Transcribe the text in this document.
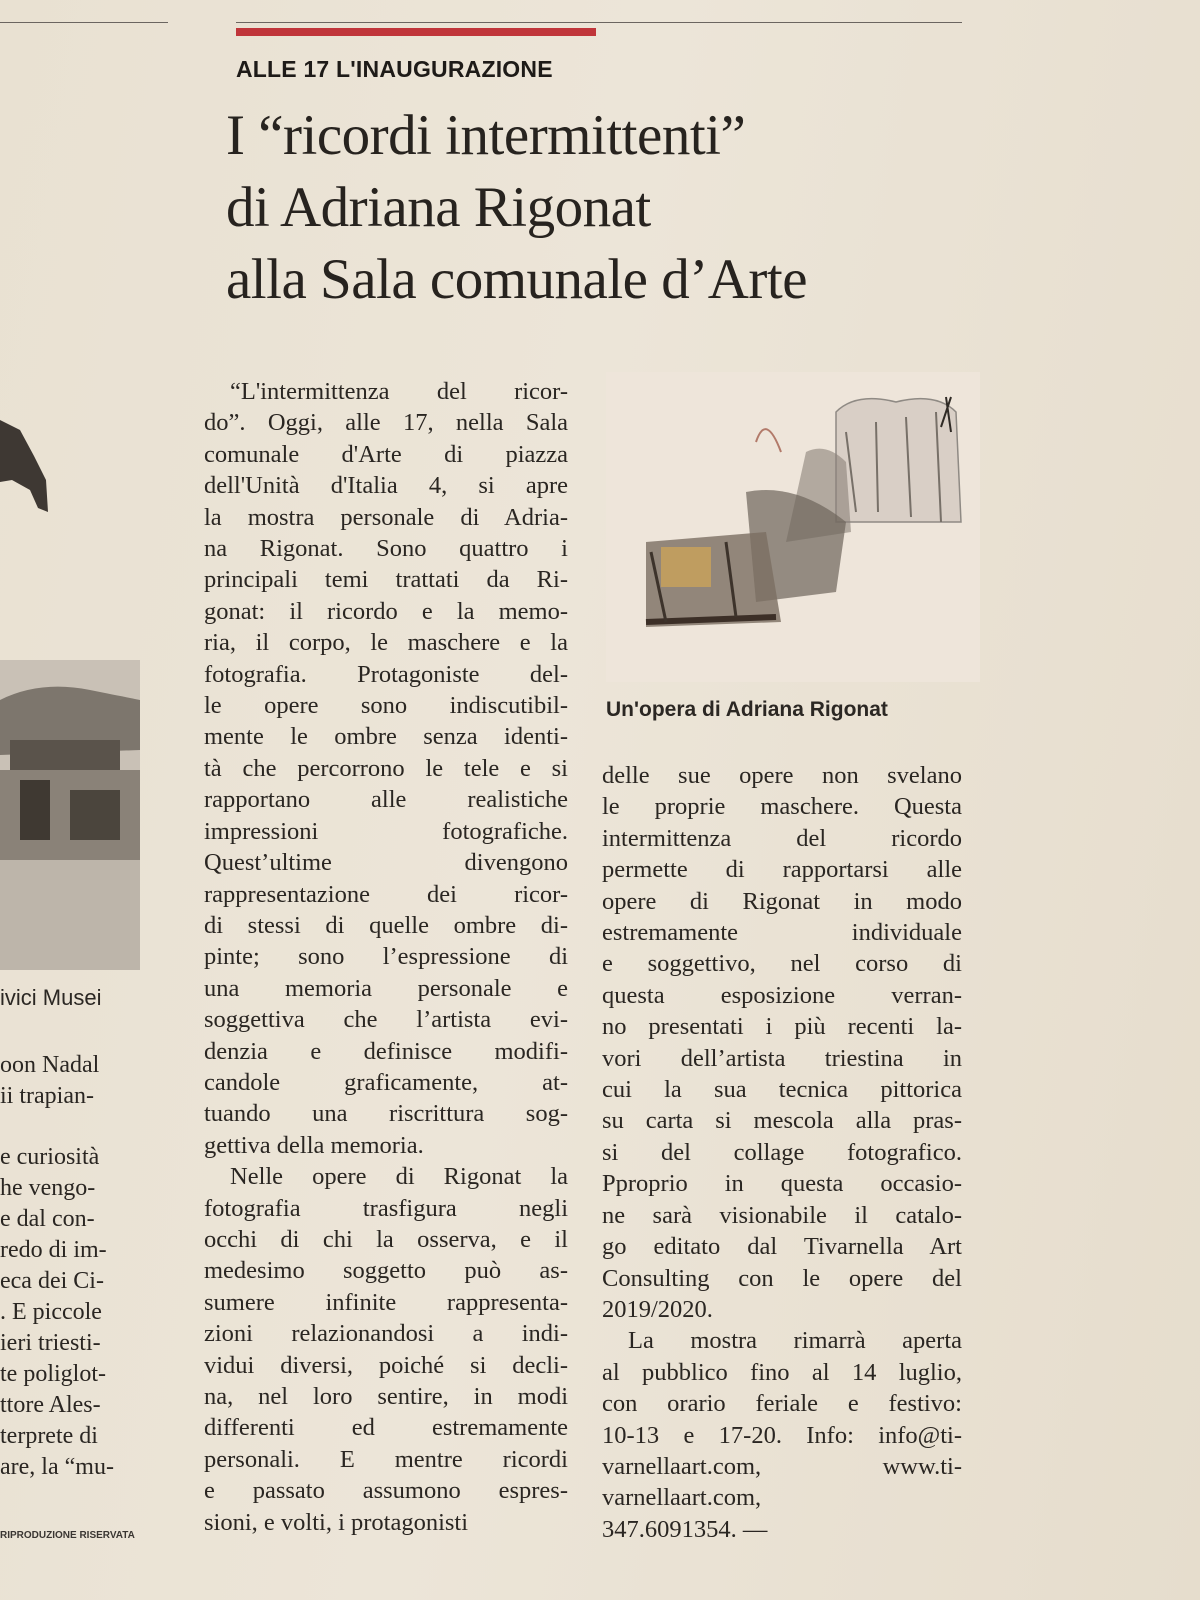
ALLE 17 L'INAUGURAZIONE
I “ricordi intermittenti”
di Adriana Rigonat
alla Sala comunale d’Arte
ivici Musei
oon Nadal
ii trapian-
e curiosità
he vengo-
e dal con-
redo di im-
eca dei Ci-
. E piccole
ieri triesti-
te poliglot-
ttore Ales-
terprete di
are, la “mu-
RIPRODUZIONE RISERVATA
“L'intermittenza del ricor-
do”. Oggi, alle 17, nella Sala
comunale d'Arte di piazza
dell'Unità d'Italia 4, si apre
la mostra personale di Adria-
na Rigonat. Sono quattro i
principali temi trattati da Ri-
gonat: il ricordo e la memo-
ria, il corpo, le maschere e la
fotografia. Protagoniste del-
le opere sono indiscutibil-
mente le ombre senza identi-
tà che percorrono le tele e si
rapportano alle realistiche
impressioni fotografiche.
Quest’ultime divengono
rappresentazione dei ricor-
di stessi di quelle ombre di-
pinte; sono l’espressione di
una memoria personale e
soggettiva che l’artista evi-
denzia e definisce modifi-
candole graficamente, at-
tuando una riscrittura sog-
gettiva della memoria.
Nelle opere di Rigonat la
fotografia trasfigura negli
occhi di chi la osserva, e il
medesimo soggetto può as-
sumere infinite rappresenta-
zioni relazionandosi a indi-
vidui diversi, poiché si decli-
na, nel loro sentire, in modi
differenti ed estremamente
personali. E mentre ricordi
e passato assumono espres-
sioni, e volti, i protagonisti
Un'opera di Adriana Rigonat
delle sue opere non svelano
le proprie maschere. Questa
intermittenza del ricordo
permette di rapportarsi alle
opere di Rigonat in modo
estremamente individuale
e soggettivo, nel corso di
questa esposizione verran-
no presentati i più recenti la-
vori dell’artista triestina in
cui la sua tecnica pittorica
su carta si mescola alla pras-
si del collage fotografico.
Pproprio in questa occasio-
ne sarà visionabile il catalo-
go editato dal Tivarnella Art
Consulting con le opere del
2019/2020.
La mostra rimarrà aperta
al pubblico fino al 14 luglio,
con orario feriale e festivo:
10-13 e 17-20. Info: info@ti-
varnellaart.com, www.ti-
varnellaart.com,
347.6091354. —
